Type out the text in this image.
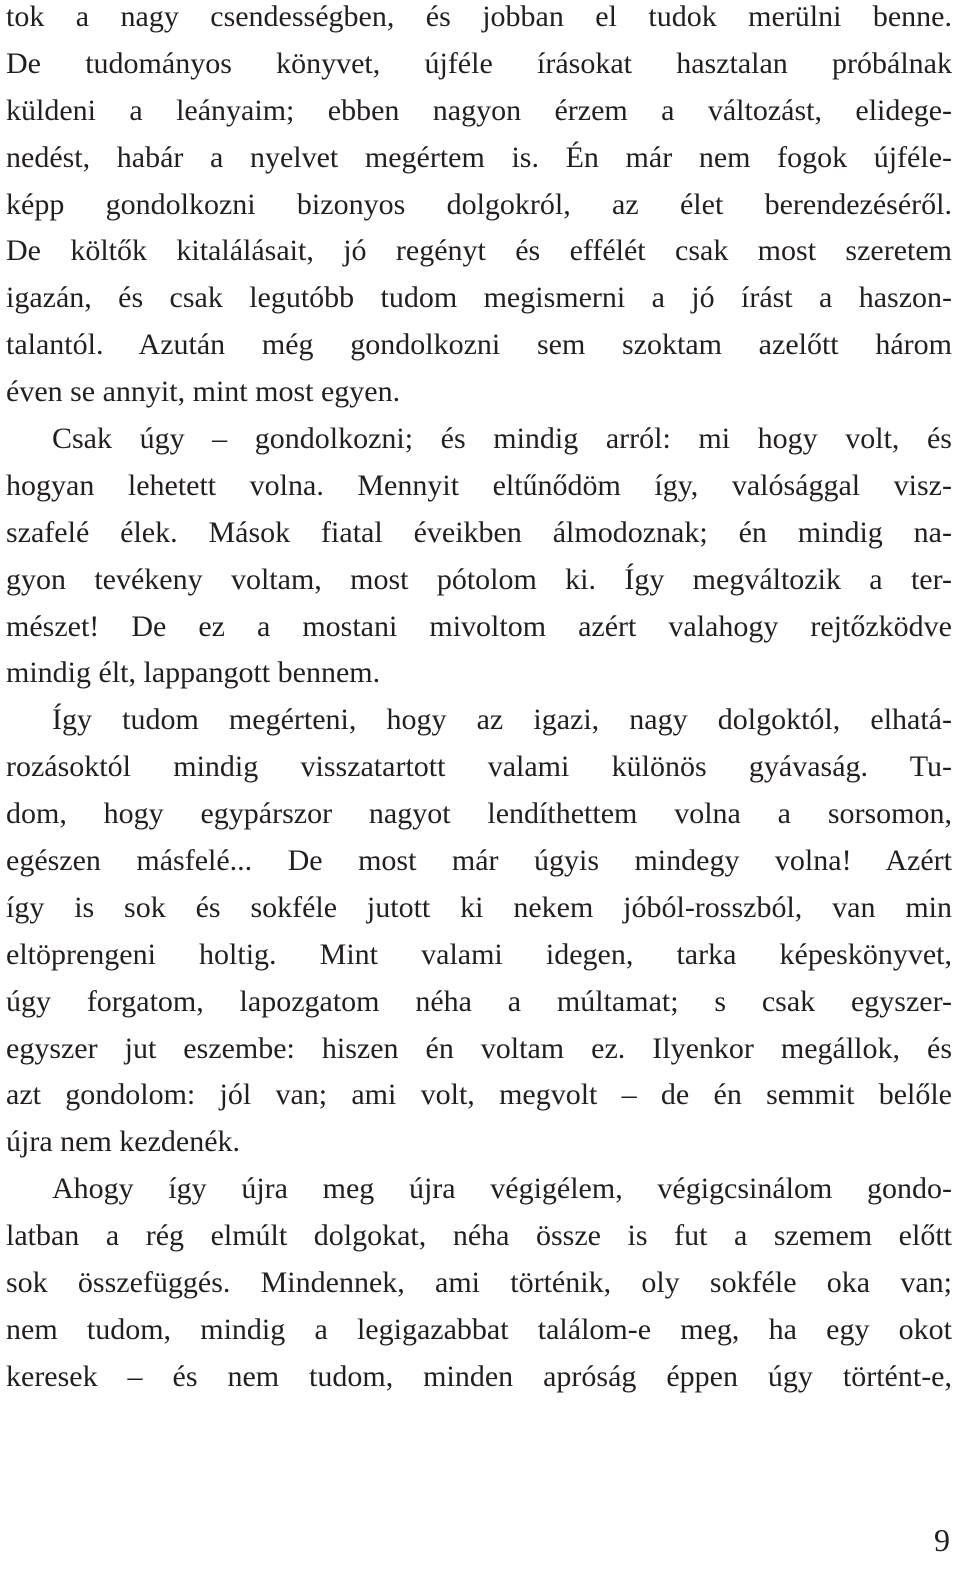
tok a nagy csendességben, és jobban el tudok merülni benne.
De tudományos könyvet, újféle írásokat hasztalan próbálnak
küldeni a leányaim; ebben nagyon érzem a változást, elidege-
nedést, habár a nyelvet megértem is. Én már nem fogok újféle-
képp gondolkozni bizonyos dolgokról, az élet berendezéséről.
De költők kitalálásait, jó regényt és effélét csak most szeretem
igazán, és csak legutóbb tudom megismerni a jó írást a haszon-
talantól. Azután még gondolkozni sem szoktam azelőtt három
éven se annyit, mint most egyen.
Csak úgy – gondolkozni; és mindig arról: mi hogy volt, és
hogyan lehetett volna. Mennyit eltűnődöm így, valósággal visz-
szafelé élek. Mások fiatal éveikben álmodoznak; én mindig na-
gyon tevékeny voltam, most pótolom ki. Így megváltozik a ter-
mészet! De ez a mostani mivoltom azért valahogy rejtőzködve
mindig élt, lappangott bennem.
Így tudom megérteni, hogy az igazi, nagy dolgoktól, elhatá-
rozásoktól mindig visszatartott valami különös gyávaság. Tu-
dom, hogy egypárszor nagyot lendíthettem volna a sorsomon,
egészen másfelé... De most már úgyis mindegy volna! Azért
így is sok és sokféle jutott ki nekem jóból-rosszból, van min
eltöprengeni holtig. Mint valami idegen, tarka képeskönyvet,
úgy forgatom, lapozgatom néha a múltamat; s csak egyszer-
egyszer jut eszembe: hiszen én voltam ez. Ilyenkor megállok, és
azt gondolom: jól van; ami volt, megvolt – de én semmit belőle
újra nem kezdenék.
Ahogy így újra meg újra végigélem, végigcsinálom gondo-
latban a rég elmúlt dolgokat, néha össze is fut a szemem előtt
sok összefüggés. Mindennek, ami történik, oly sokféle oka van;
nem tudom, mindig a legigazabbat találom-e meg, ha egy okot
keresek – és nem tudom, minden apróság éppen úgy történt-e,
9
